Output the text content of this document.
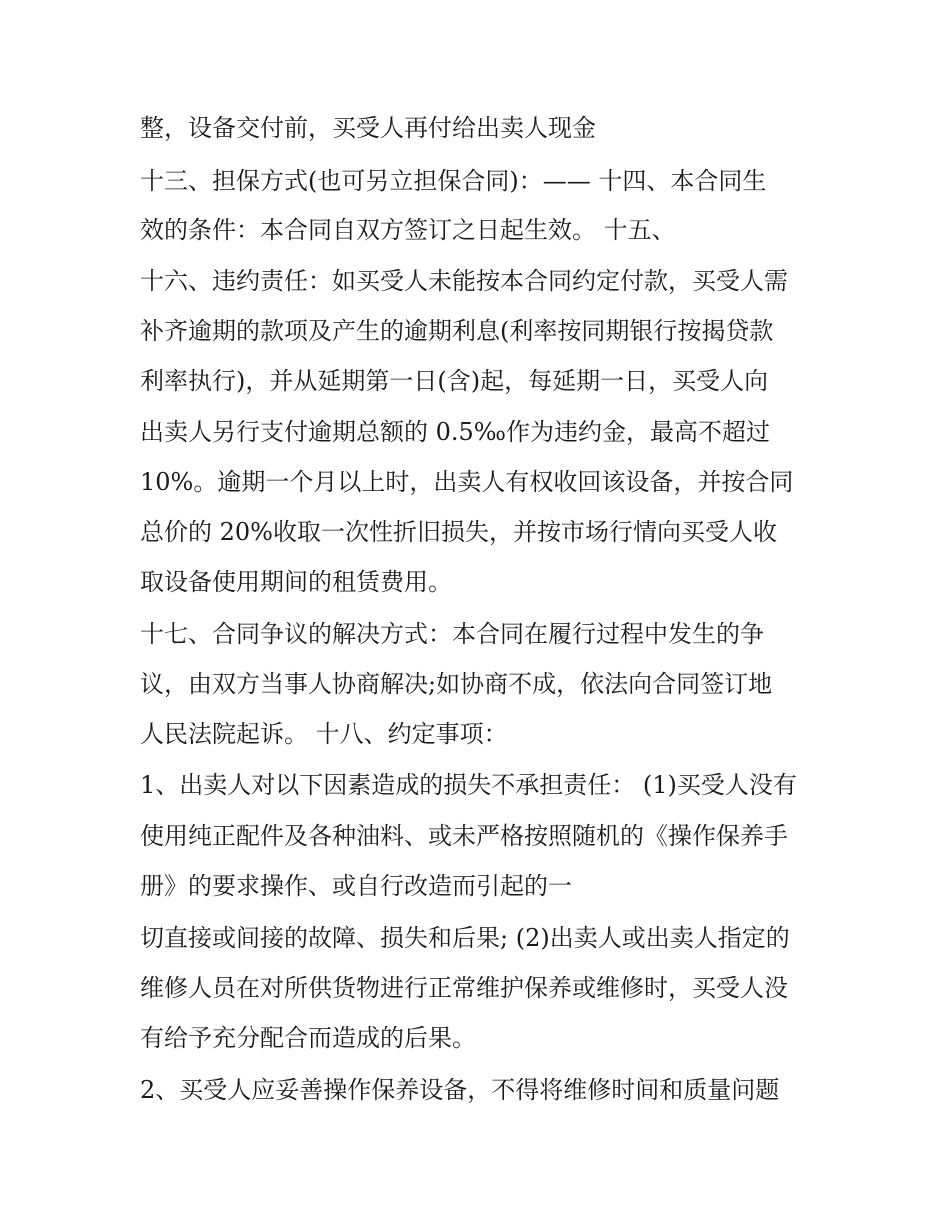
整，设备交付前，买受人再付给出卖人现金
十三、担保方式(也可另立担保合同)：—— 十四、本合同生
效的条件：本合同自双方签订之日起生效。 十五、
十六、违约责任：如买受人未能按本合同约定付款，买受人需
补齐逾期的款项及产生的逾期利息(利率按同期银行按揭贷款
利率执行)，并从延期第一日(含)起，每延期一日，买受人向
出卖人另行支付逾期总额的 0.5‰作为违约金，最高不超过
10%。逾期一个月以上时，出卖人有权收回该设备，并按合同
总价的 20%收取一次性折旧损失，并按市场行情向买受人收
取设备使用期间的租赁费用。
十七、合同争议的解决方式：本合同在履行过程中发生的争
议，由双方当事人协商解决;如协商不成，依法向合同签订地
人民法院起诉。 十八、约定事项：
1、出卖人对以下因素造成的损失不承担责任： (1)买受人没有
使用纯正配件及各种油料、或未严格按照随机的《操作保养手
册》的要求操作、或自行改造而引起的一
切直接或间接的故障、损失和后果; (2)出卖人或出卖人指定的
维修人员在对所供货物进行正常维护保养或维修时，买受人没
有给予充分配合而造成的后果。
2、买受人应妥善操作保养设备，不得将维修时间和质量问题
